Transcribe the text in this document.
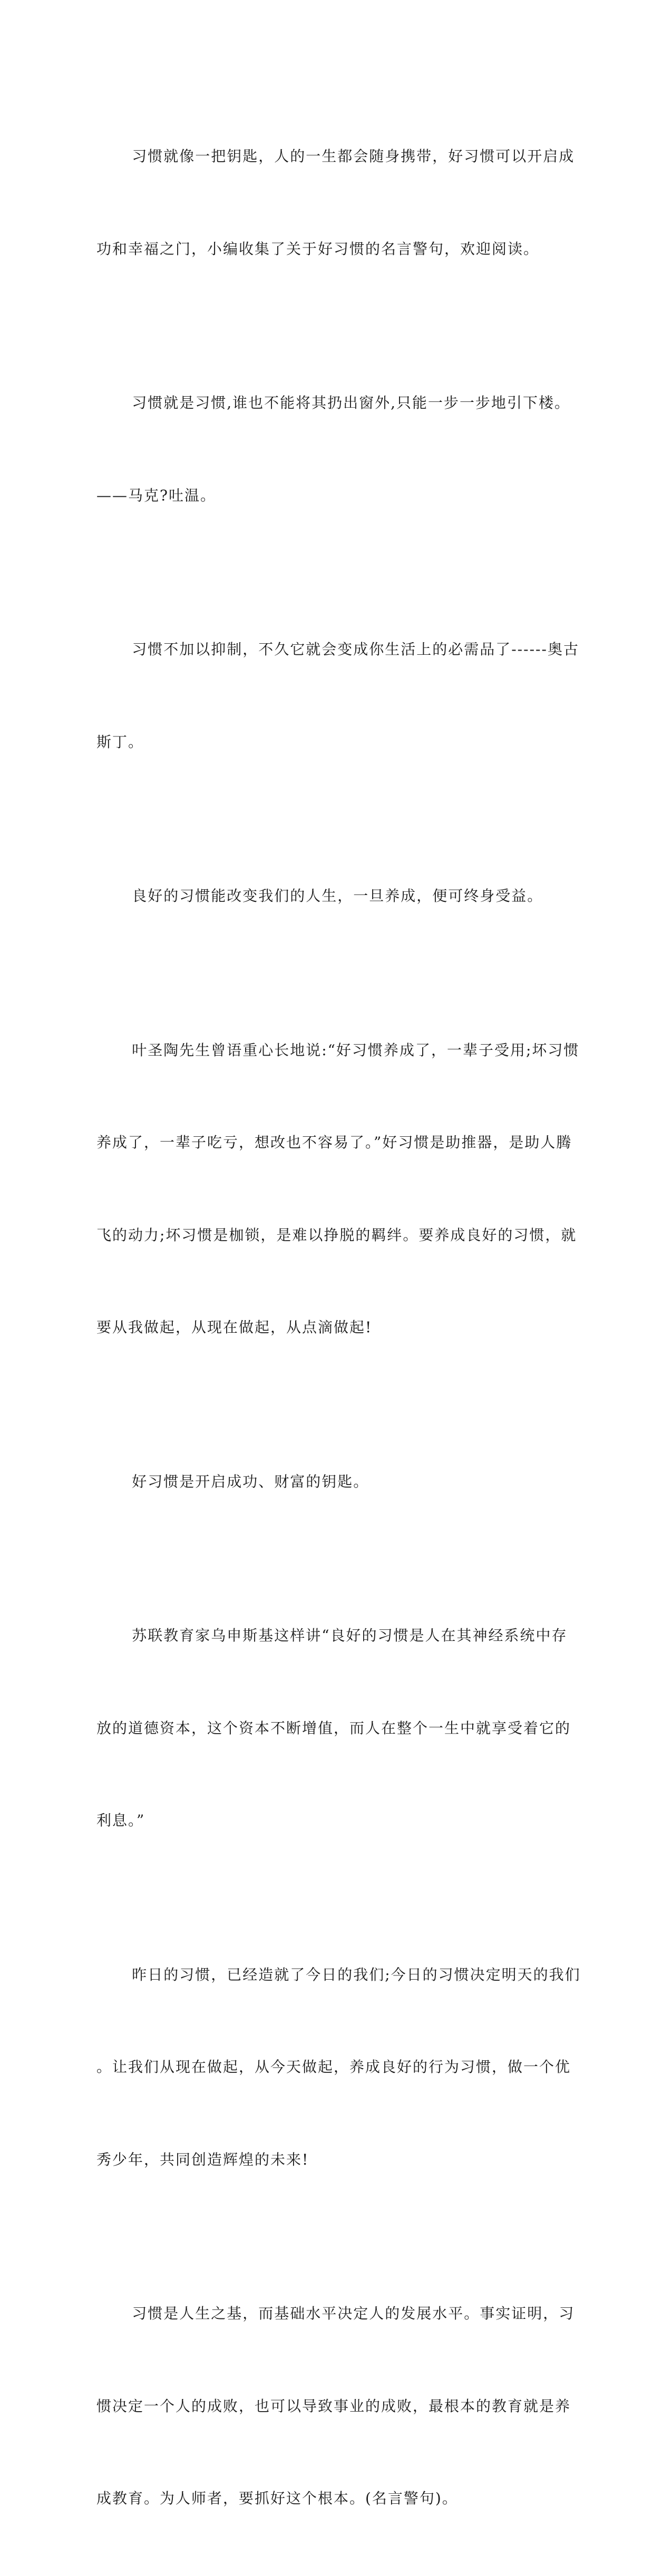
习惯就像一把钥匙，人的一生都会随身携带，好习惯可以开启成

功和幸福之门，小编收集了关于好习惯的名言警句，欢迎阅读。

习惯就是习惯,谁也不能将其扔出窗外,只能一步一步地引下楼。

——马克?吐温。

习惯不加以抑制，不久它就会变成你生活上的必需品了------奥古

斯丁。

良好的习惯能改变我们的人生，一旦养成，便可终身受益。

叶圣陶先生曾语重心长地说:“好习惯养成了，一辈子受用;坏习惯

养成了，一辈子吃亏，想改也不容易了。”好习惯是助推器，是助人腾

飞的动力;坏习惯是枷锁，是难以挣脱的羁绊。要养成良好的习惯，就

要从我做起，从现在做起，从点滴做起!

好习惯是开启成功、财富的钥匙。

苏联教育家乌申斯基这样讲“良好的习惯是人在其神经系统中存

放的道德资本，这个资本不断增值，而人在整个一生中就享受着它的

利息。”

昨日的习惯，已经造就了今日的我们;今日的习惯决定明天的我们

。让我们从现在做起，从今天做起，养成良好的行为习惯，做一个优

秀少年，共同创造辉煌的未来!

习惯是人生之基，而基础水平决定人的发展水平。事实证明，习

惯决定一个人的成败，也可以导致事业的成败，最根本的教育就是养

成教育。为人师者，要抓好这个根本。(名言警句)。
